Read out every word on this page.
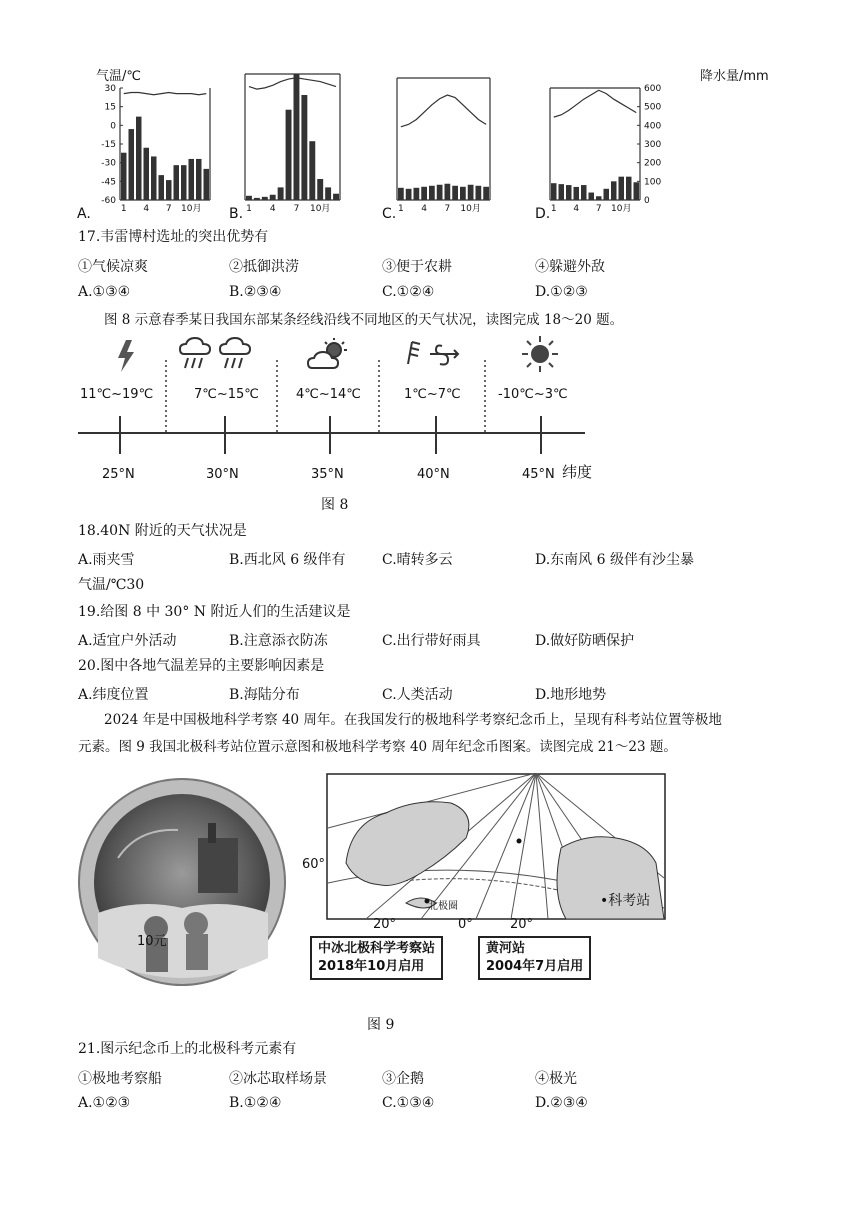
气温/℃	降水量/mm
1 4 7 10月	1 4 7 10月	1 4 7 10月	1 4 7 10月
30
15
0
-15
-30
-45
-60
600
500
400
300
200
100
0
A.	B.	C.	D.
17.韦雷博村选址的突出优势有
①气候凉爽	②抵御洪涝	③便于农耕	④躲避外敌
A.①③④	B.②③④	C.①②④	D.①②③
图 8 示意春季某日我国东部某条经线沿线不同地区的天气状况，读图完成 18～20 题。
11℃~19℃	7℃~15℃	4℃~14℃	1℃~7℃	-10℃~3℃
25°N	30°N	35°N	40°N	45°N 纬度
图 8
18.40N 附近的天气状况是
A.雨夹雪	B.西北风 6 级伴有	C.晴转多云	D.东南风 6 级伴有沙尘暴
气温/℃30
19.给图 8 中 30° N 附近人们的生活建议是
A.适宜户外活动	B.注意添衣防冻	C.出行带好雨具	D.做好防晒保护
20.图中各地气温差异的主要影响因素是
A.纬度位置	B.海陆分布	C.人类活动	D.地形地势
2024 年是中国极地科学考察 40 周年。在我国发行的极地科学考察纪念币上，呈现有科考站位置等极地
元素。图 9 我国北极科考站位置示意图和极地科学考察 40 周年纪念币图案。读图完成 21～23 题。
10元
60°
20°	0°	20°
北极圈	•科考站
中冰北极科学考察站
2018年10月启用
黄河站
2004年7月启用
图 9
21.图示纪念币上的北极科考元素有
①极地考察船	②冰芯取样场景	③企鹅	④极光
A.①②③	B.①②④	C.①③④	D.②③④
